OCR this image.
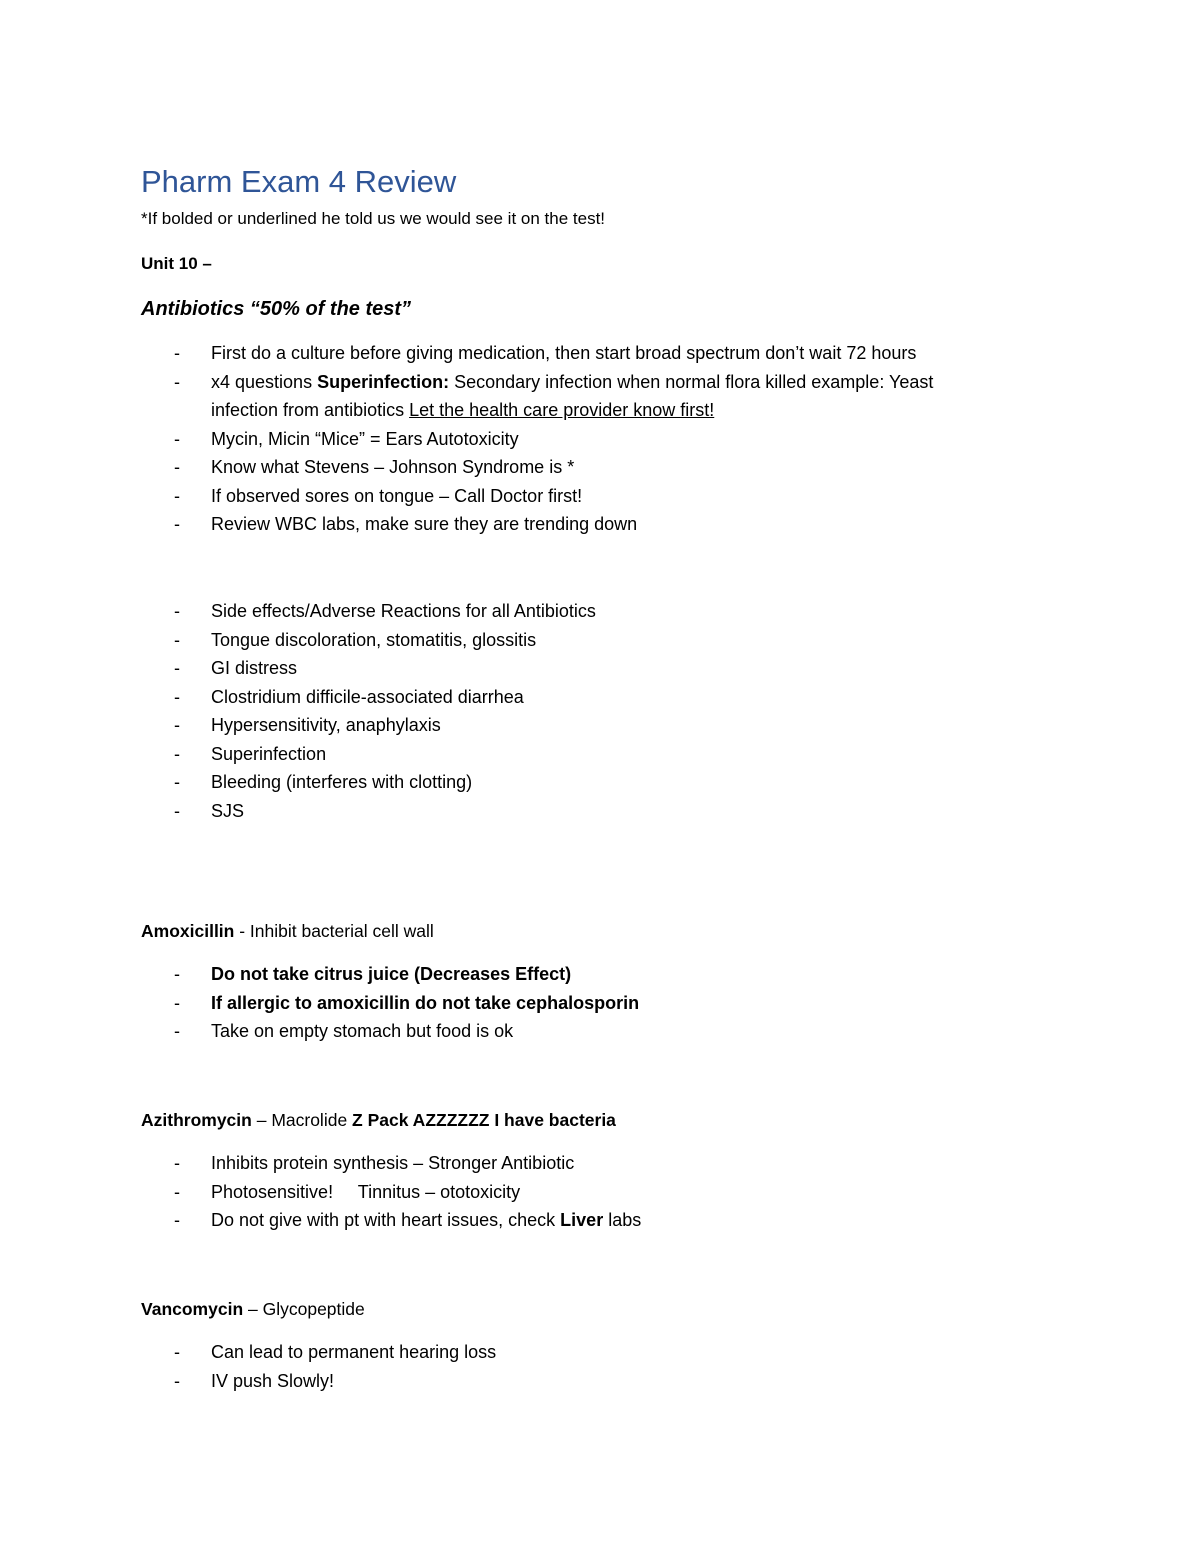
Pharm Exam 4 Review

*If bolded or underlined he told us we would see it on the test!

Unit 10 –

Antibiotics “50% of the test”

- First do a culture before giving medication, then start broad spectrum don’t wait 72 hours
- x4 questions Superinfection: Secondary infection when normal flora killed example: Yeast
infection from antibiotics Let the health care provider know first!
- Mycin, Micin “Mice” = Ears Autotoxicity
- Know what Stevens – Johnson Syndrome is *
- If observed sores on tongue – Call Doctor first!
- Review WBC labs, make sure they are trending down
- Side effects/Adverse Reactions for all Antibiotics
- Tongue discoloration, stomatitis, glossitis
- GI distress
- Clostridium difficile-associated diarrhea
- Hypersensitivity, anaphylaxis
- Superinfection
- Bleeding (interferes with clotting)
- SJS

Amoxicillin - Inhibit bacterial cell wall

- Do not take citrus juice (Decreases Effect)
- If allergic to amoxicillin do not take cephalosporin
- Take on empty stomach but food is ok

Azithromycin – Macrolide Z Pack AZZZZZZ I have bacteria

- Inhibits protein synthesis – Stronger Antibiotic
- Photosensitive!     Tinnitus – ototoxicity
- Do not give with pt with heart issues, check Liver labs

Vancomycin – Glycopeptide

- Can lead to permanent hearing loss
- IV push Slowly!
